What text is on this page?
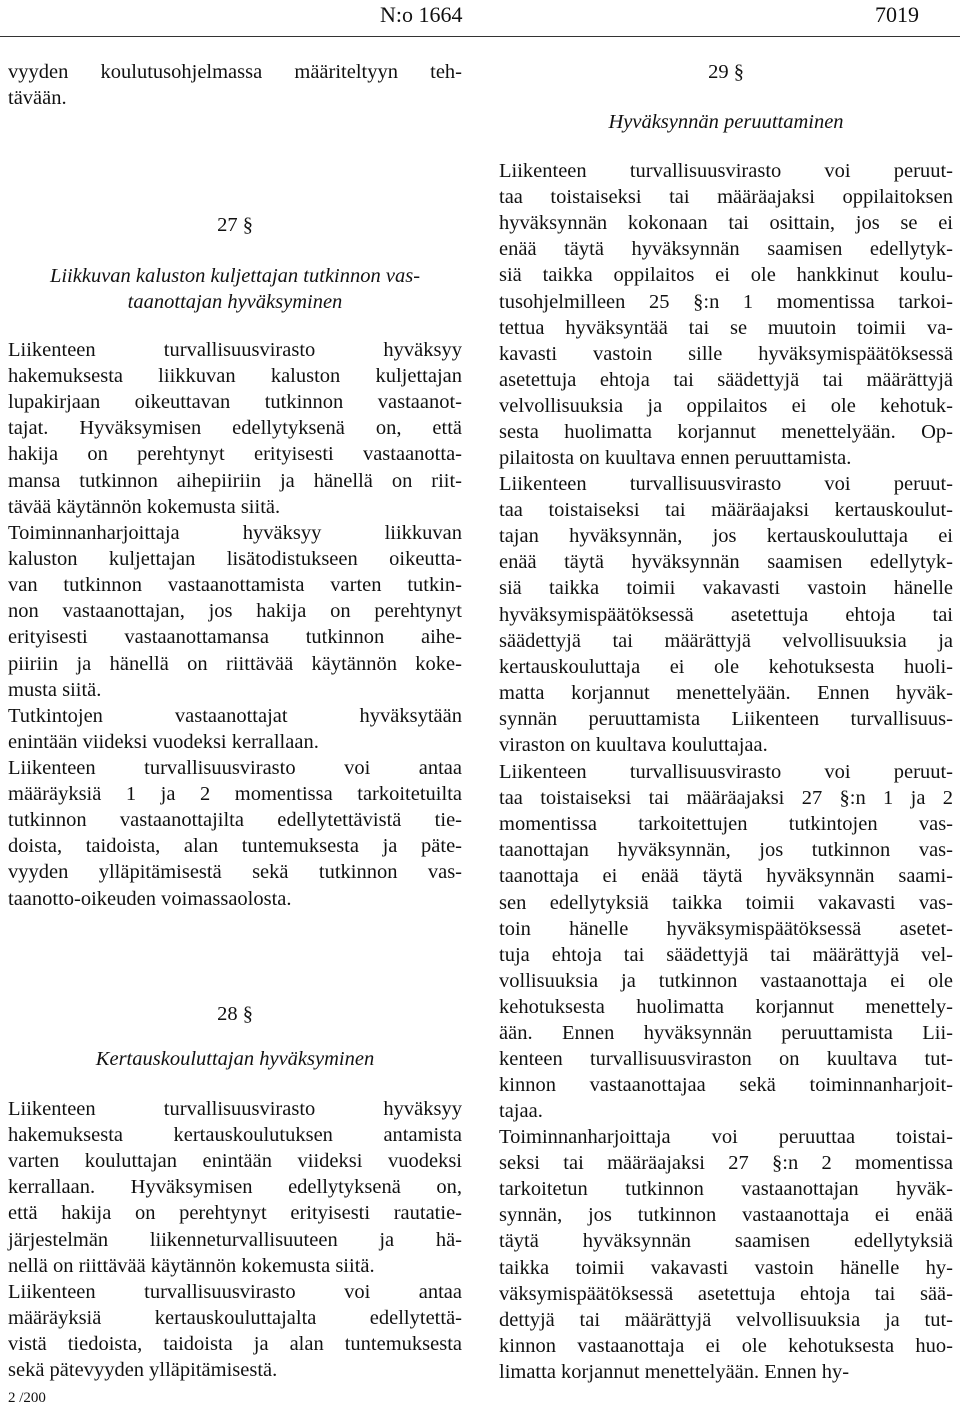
N:o 1664	7019
vyyden koulutusohjelmassa määriteltyyn teh-
tävään.
27 §
Liikkuvan kaluston kuljettajan tutkinnon vas-
taanottajan hyväksyminen
Liikenteen turvallisuusvirasto hyväksyy
hakemuksesta liikkuvan kaluston kuljettajan
lupakirjaan oikeuttavan tutkinnon vastaanot-
tajat. Hyväksymisen edellytyksenä on, että
hakija on perehtynyt erityisesti vastaanotta-
mansa tutkinnon aihepiiriin ja hänellä on riit-
tävää käytännön kokemusta siitä.
Toiminnanharjoittaja hyväksyy liikkuvan
kaluston kuljettajan lisätodistukseen oikeutta-
van tutkinnon vastaanottamista varten tutkin-
non vastaanottajan, jos hakija on perehtynyt
erityisesti vastaanottamansa tutkinnon aihe-
piiriin ja hänellä on riittävää käytännön koke-
musta siitä.
Tutkintojen vastaanottajat hyväksytään
enintään viideksi vuodeksi kerrallaan.
Liikenteen turvallisuusvirasto voi antaa
määräyksiä 1 ja 2 momentissa tarkoitetuilta
tutkinnon vastaanottajilta edellytettävistä tie-
doista, taidoista, alan tuntemuksesta ja päte-
vyyden ylläpitämisestä sekä tutkinnon vas-
taanotto-oikeuden voimassaolosta.
28 §
Kertauskouluttajan hyväksyminen
Liikenteen turvallisuusvirasto hyväksyy
hakemuksesta kertauskoulutuksen antamista
varten kouluttajan enintään viideksi vuodeksi
kerrallaan. Hyväksymisen edellytyksenä on,
että hakija on perehtynyt erityisesti rautatie-
järjestelmän liikenneturvallisuuteen ja hä-
nellä on riittävää käytännön kokemusta siitä.
Liikenteen turvallisuusvirasto voi antaa
määräyksiä kertauskouluttajalta edellytettä-
vistä tiedoista, taidoista ja alan tuntemuksesta
sekä pätevyyden ylläpitämisestä.
29 §
Hyväksynnän peruuttaminen
Liikenteen turvallisuusvirasto voi peruut-
taa toistaiseksi tai määräajaksi oppilaitoksen
hyväksynnän kokonaan tai osittain, jos se ei
enää täytä hyväksynnän saamisen edellytyk-
siä taikka oppilaitos ei ole hankkinut koulu-
tusohjelmilleen 25 §:n 1 momentissa tarkoi-
tettua hyväksyntää tai se muutoin toimii va-
kavasti vastoin sille hyväksymispäätöksessä
asetettuja ehtoja tai säädettyjä tai määrättyjä
velvollisuuksia ja oppilaitos ei ole kehotuk-
sesta huolimatta korjannut menettelyään. Op-
pilaitosta on kuultava ennen peruuttamista.
Liikenteen turvallisuusvirasto voi peruut-
taa toistaiseksi tai määräajaksi kertauskoulut-
tajan hyväksynnän, jos kertauskouluttaja ei
enää täytä hyväksynnän saamisen edellytyk-
siä taikka toimii vakavasti vastoin hänelle
hyväksymispäätöksessä asetettuja ehtoja tai
säädettyjä tai määrättyjä velvollisuuksia ja
kertauskouluttaja ei ole kehotuksesta huoli-
matta korjannut menettelyään. Ennen hyväk-
synnän peruuttamista Liikenteen turvallisuus-
viraston on kuultava kouluttajaa.
Liikenteen turvallisuusvirasto voi peruut-
taa toistaiseksi tai määräajaksi 27 §:n 1 ja 2
momentissa tarkoitettujen tutkintojen vas-
taanottajan hyväksynnän, jos tutkinnon vas-
taanottaja ei enää täytä hyväksynnän saami-
sen edellytyksiä taikka toimii vakavasti vas-
toin hänelle hyväksymispäätöksessä asetet-
tuja ehtoja tai säädettyjä tai määrättyjä vel-
vollisuuksia ja tutkinnon vastaanottaja ei ole
kehotuksesta huolimatta korjannut menettely-
ään. Ennen hyväksynnän peruuttamista Lii-
kenteen turvallisuusviraston on kuultava tut-
kinnon vastaanottajaa sekä toiminnanharjoit-
tajaa.
Toiminnanharjoittaja voi peruuttaa toistai-
seksi tai määräajaksi 27 §:n 2 momentissa
tarkoitetun tutkinnon vastaanottajan hyväk-
synnän, jos tutkinnon vastaanottaja ei enää
täytä hyväksynnän saamisen edellytyksiä
taikka toimii vakavasti vastoin hänelle hy-
väksymispäätöksessä asetettuja ehtoja tai sää-
dettyjä tai määrättyjä velvollisuuksia ja tut-
kinnon vastaanottaja ei ole kehotuksesta huo-
limatta korjannut menettelyään. Ennen hy-
2 /200
